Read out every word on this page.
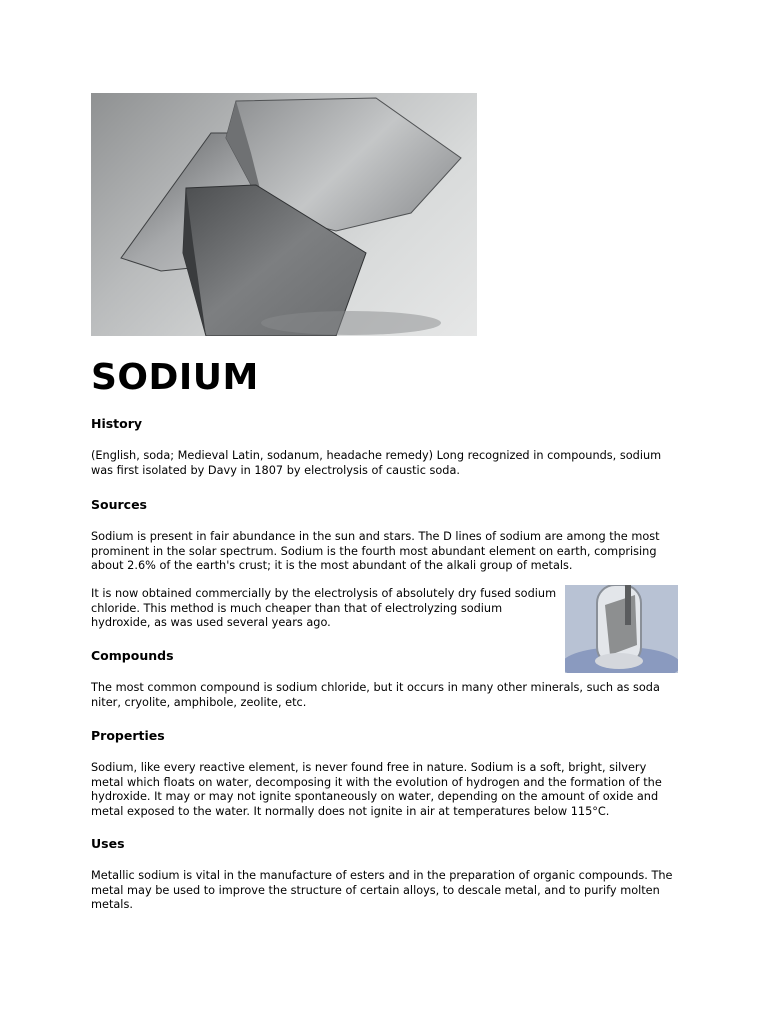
SODIUM
History

(English, soda; Medieval Latin, sodanum, headache remedy) Long recognized in compounds, sodium
was first isolated by Davy in 1807 by electrolysis of caustic soda.

Sources

Sodium is present in fair abundance in the sun and stars. The D lines of sodium are among the most
prominent in the solar spectrum. Sodium is the fourth most abundant element on earth, comprising
about 2.6% of the earth's crust; it is the most abundant of the alkali group of metals.

It is now obtained commercially by the electrolysis of absolutely dry fused sodium
chloride. This method is much cheaper than that of electrolyzing sodium
hydroxide, as was used several years ago.

Compounds

The most common compound is sodium chloride, but it occurs in many other minerals, such as soda
niter, cryolite, amphibole, zeolite, etc.

Properties

Sodium, like every reactive element, is never found free in nature. Sodium is a soft, bright, silvery
metal which floats on water, decomposing it with the evolution of hydrogen and the formation of the
hydroxide. It may or may not ignite spontaneously on water, depending on the amount of oxide and
metal exposed to the water. It normally does not ignite in air at temperatures below 115°C.

Uses

Metallic sodium is vital in the manufacture of esters and in the preparation of organic compounds. The
metal may be used to improve the structure of certain alloys, to descale metal, and to purify molten
metals.
